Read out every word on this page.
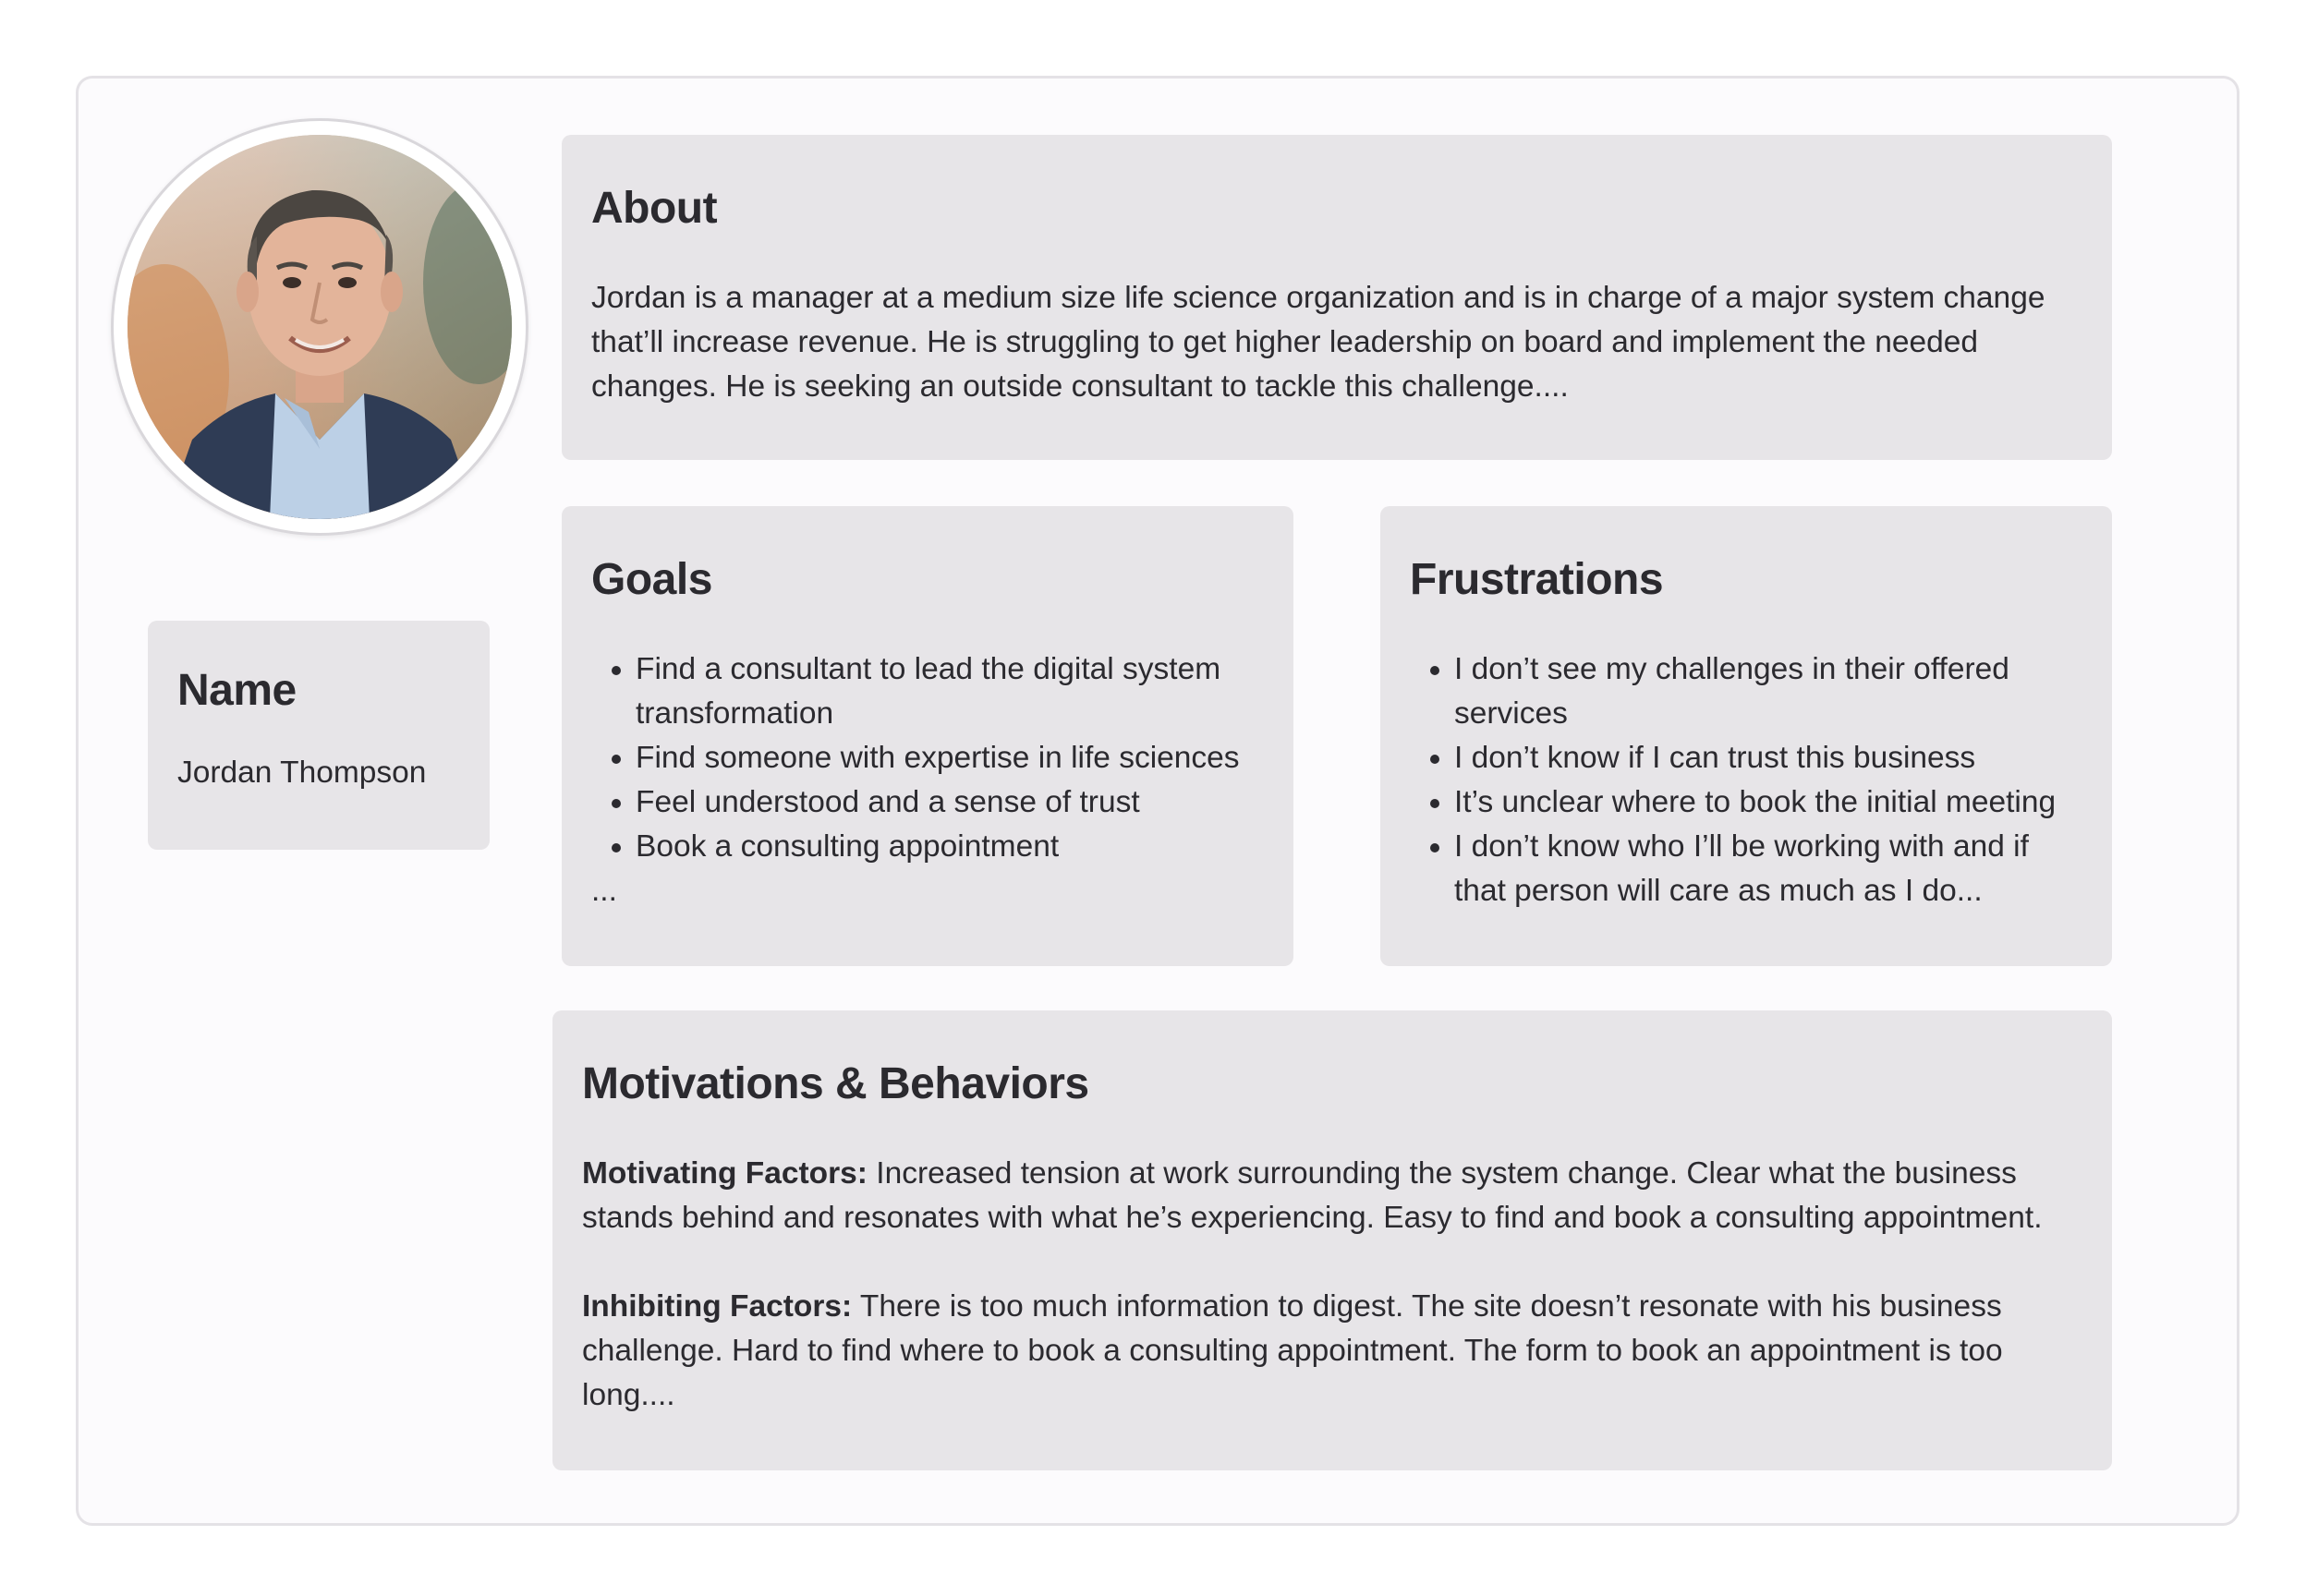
Name

Jordan Thompson

About

Jordan is a manager at a medium size life science organization and is in charge of a major system change that’ll increase revenue. He is struggling to get higher leadership on board and implement the needed changes. He is seeking an outside consultant to tackle this challenge....

Goals
• Find a consultant to lead the digital system transformation
• Find someone with expertise in life sciences
• Feel understood and a sense of trust
• Book a consulting appointment
...
Frustrations
• I don’t see my challenges in their offered services
• I don’t know if I can trust this business
• It’s unclear where to book the initial meeting
• I don’t know who I’ll be working with and if that person will care as much as I do...
Motivations & Behaviors

Motivating Factors: Increased tension at work surrounding the system change. Clear what the business stands behind and resonates with what he’s experiencing. Easy to find and book a consulting appointment.

Inhibiting Factors: There is too much information to digest. The site doesn’t resonate with his business challenge. Hard to find where to book a consulting appointment. The form to book an appointment is too long....
